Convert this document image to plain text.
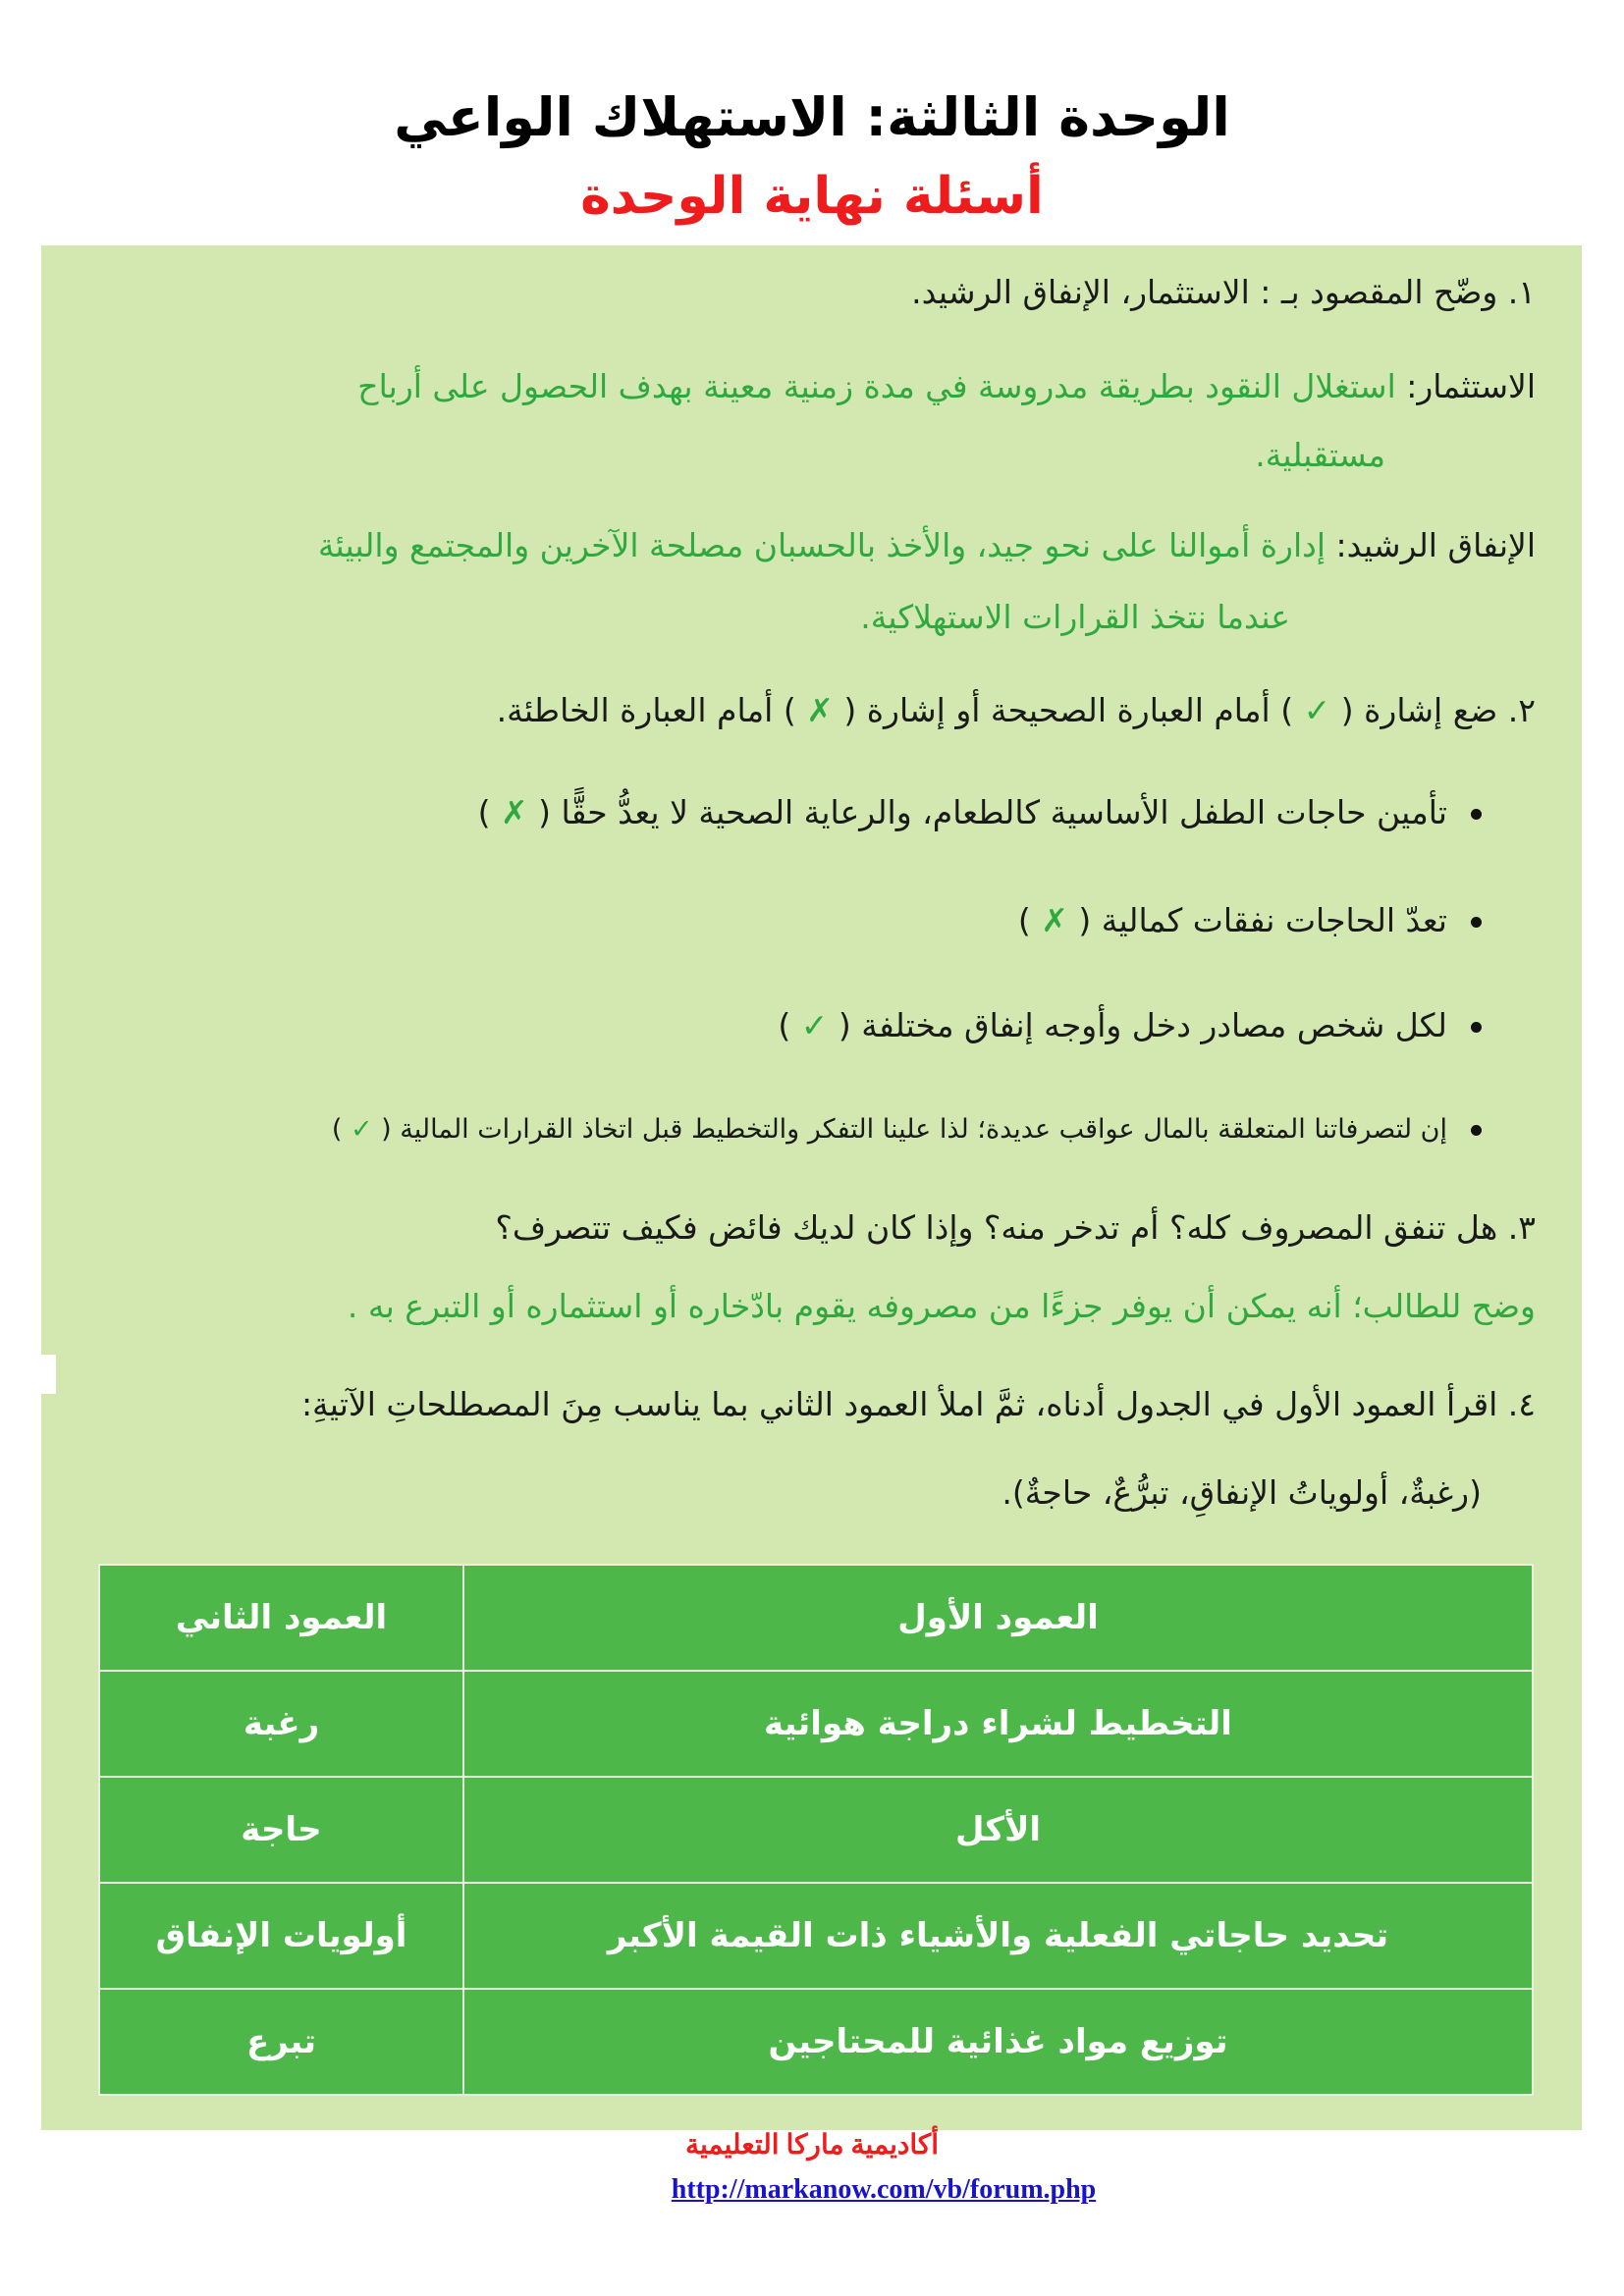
الوحدة الثالثة: الاستهلاك الواعي
أسئلة نهاية الوحدة
١. وضّح المقصود بـ : الاستثمار، الإنفاق الرشيد.
الاستثمار: استغلال النقود بطريقة مدروسة في مدة زمنية معينة بهدف الحصول على أرباح
مستقبلية.
الإنفاق الرشيد: إدارة أموالنا على نحو جيد، والأخذ بالحسبان مصلحة الآخرين والمجتمع والبيئة
عندما نتخذ القرارات الاستهلاكية.
٢. ضع إشارة ( ✓ ) أمام العبارة الصحيحة أو إشارة ( ✗ ) أمام العبارة الخاطئة.
تأمين حاجات الطفل الأساسية كالطعام، والرعاية الصحية لا يعدُّ حقًّا ( ✗ )
تعدّ الحاجات نفقات كمالية ( ✗ )
لكل شخص مصادر دخل وأوجه إنفاق مختلفة ( ✓ )
إن لتصرفاتنا المتعلقة بالمال عواقب عديدة؛ لذا علينا التفكر والتخطيط قبل اتخاذ القرارات المالية ( ✓ )
٣. هل تنفق المصروف كله؟ أم تدخر منه؟ وإذا كان لديك فائض فكيف تتصرف؟
وضح للطالب؛ أنه يمكن أن يوفر جزءًا من مصروفه يقوم بادّخاره أو استثماره أو التبرع به .
٤. اقرأ العمود الأول في الجدول أدناه، ثمَّ املأ العمود الثاني بما يناسب مِنَ المصطلحاتِ الآتيةِ:
(رغبةٌ، أولوياتُ الإنفاقِ، تبرُّعٌ، حاجةٌ).
العمود الأول	العمود الثاني
التخطيط لشراء دراجة هوائية	رغبة
الأكل	حاجة
تحديد حاجاتي الفعلية والأشياء ذات القيمة الأكبر	أولويات الإنفاق
توزيع مواد غذائية للمحتاجين	تبرع
أكاديمية ماركا التعليمية
http://markanow.com/vb/forum.php
